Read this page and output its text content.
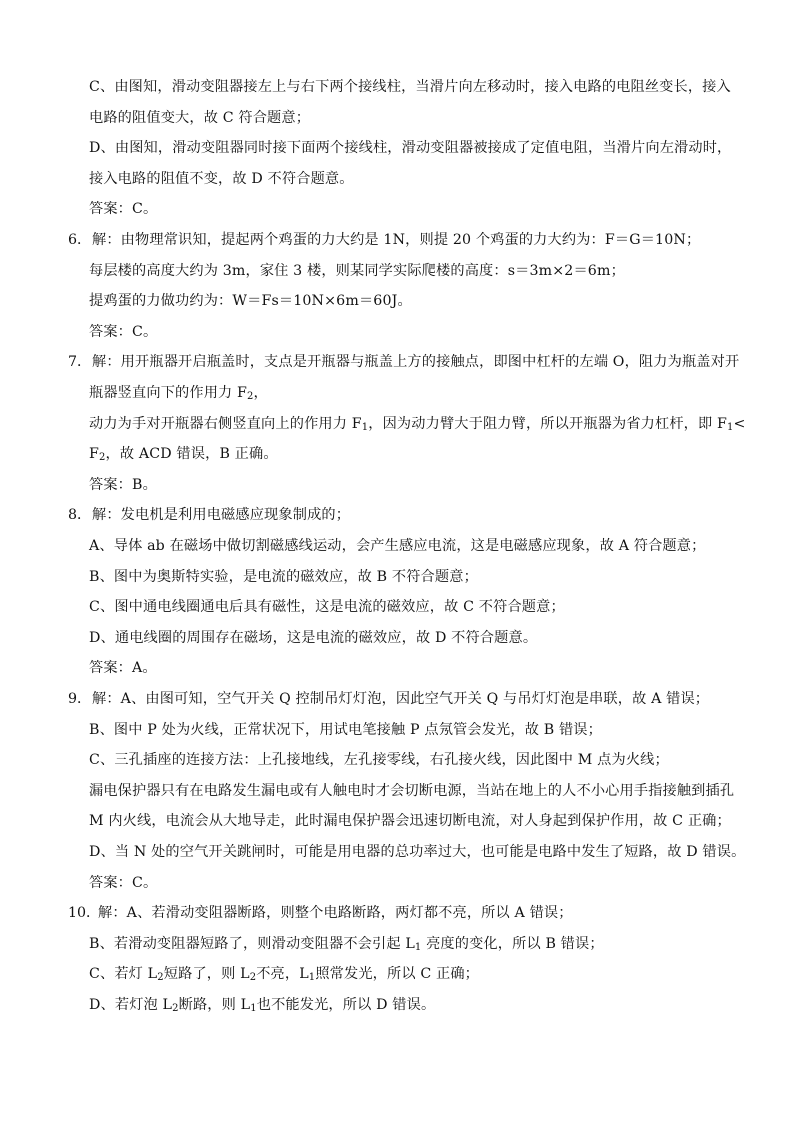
C、由图知，滑动变阻器接左上与右下两个接线柱，当滑片向左移动时，接入电路的电阻丝变长，接入
电路的阻值变大，故 C 符合题意；
D、由图知，滑动变阻器同时接下面两个接线柱，滑动变阻器被接成了定值电阻，当滑片向左滑动时，
接入电路的阻值不变，故 D 不符合题意。
答案：C。
6． 解：由物理常识知，提起两个鸡蛋的力大约是 1N，则提 20 个鸡蛋的力大约为：F＝G＝10N；
每层楼的高度大约为 3m，家住 3 楼，则某同学实际爬楼的高度：s＝3m×2＝6m；
提鸡蛋的力做功约为：W＝Fs＝10N×6m＝60J。
答案：C。
7． 解：用开瓶器开启瓶盖时，支点是开瓶器与瓶盖上方的接触点，即图中杠杆的左端 O，阻力为瓶盖对开
瓶器竖直向下的作用力 $F_2$，
动力为手对开瓶器右侧竖直向上的作用力 $F_1$，因为动力臂大于阻力臂，所以开瓶器为省力杠杆，即 $F_1<$
$F_2$，故 ACD 错误，B 正确。
答案：B。
8． 解：发电机是利用电磁感应现象制成的；
A、导体 ab 在磁场中做切割磁感线运动，会产生感应电流，这是电磁感应现象，故 A 符合题意；
B、图中为奥斯特实验，是电流的磁效应，故 B 不符合题意；
C、图中通电线圈通电后具有磁性，这是电流的磁效应，故 C 不符合题意；
D、通电线圈的周围存在磁场，这是电流的磁效应，故 D 不符合题意。
答案：A。
9． 解：A、由图可知，空气开关 Q 控制吊灯灯泡，因此空气开关 Q 与吊灯灯泡是串联，故 A 错误；
B、图中 P 处为火线，正常状况下，用试电笔接触 P 点氖管会发光，故 B 错误；
C、三孔插座的连接方法：上孔接地线，左孔接零线，右孔接火线，因此图中 M 点为火线；
漏电保护器只有在电路发生漏电或有人触电时才会切断电源，当站在地上的人不小心用手指接触到插孔
M 内火线，电流会从大地导走，此时漏电保护器会迅速切断电流，对人身起到保护作用，故 C 正确；
D、当 N 处的空气开关跳闸时，可能是用电器的总功率过大，也可能是电路中发生了短路，故 D 错误。
答案：C。
10．
解：A、若滑动变阻器断路，则整个电路断路，两灯都不亮，所以 A 错误；
B、若滑动变阻器短路了，则滑动变阻器不会引起 $L_1$ 亮度的变化，所以 B 错误；
C、若灯 $L_2$短路了，则 $L_2$不亮，$L_1$照常发光，所以 C 正确；
D、若灯泡 $L_2$断路，则 $L_1$也不能发光，所以 D 错误。
